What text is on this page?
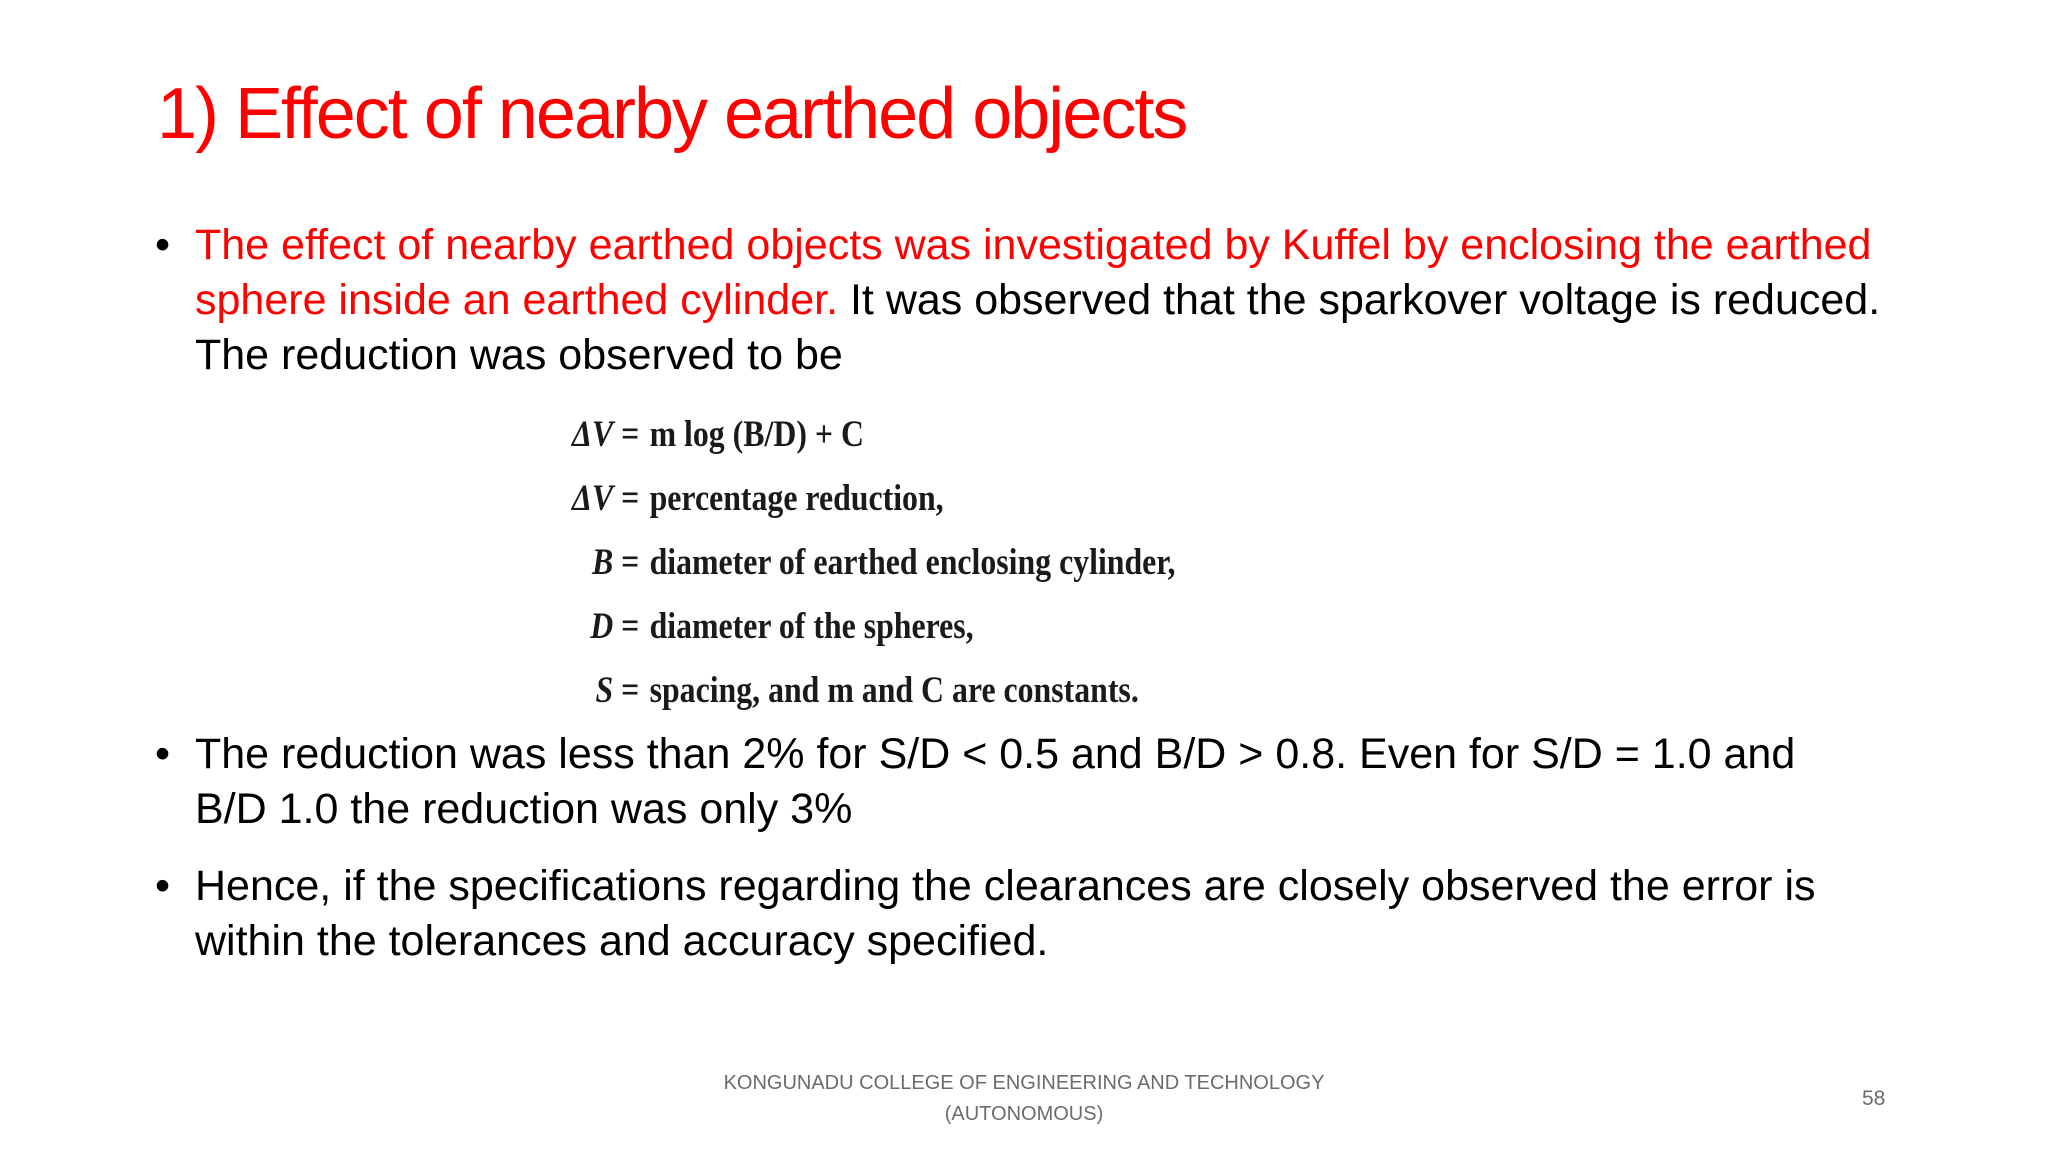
1) Effect of nearby earthed objects
• The effect of nearby earthed objects was investigated by Kuffel by enclosing the earthed sphere inside an earthed cylinder. It was observed that the sparkover voltage is reduced. The reduction was observed to be
ΔV = m log (B/D) + C
ΔV = percentage reduction,
B = diameter of earthed enclosing cylinder,
D = diameter of the spheres,
S = spacing, and m and C are constants.
• The reduction was less than 2% for S/D < 0.5 and B/D > 0.8. Even for S/D = 1.0 and B/D 1.0 the reduction was only 3%
• Hence, if the specifications regarding the clearances are closely observed the error is within the tolerances and accuracy specified.
KONGUNADU COLLEGE OF ENGINEERING AND TECHNOLOGY
(AUTONOMOUS)
58
